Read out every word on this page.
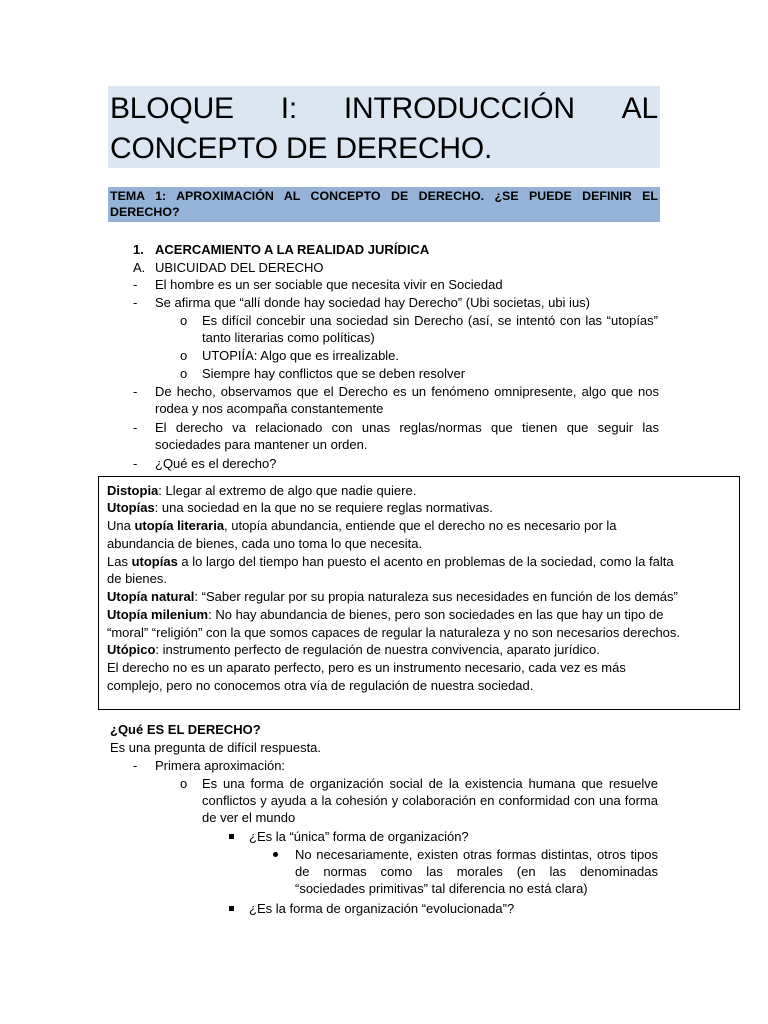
BLOQUE I: INTRODUCCIÓN AL
CONCEPTO DE DERECHO.
TEMA 1: APROXIMACIÓN AL CONCEPTO DE DERECHO. ¿SE PUEDE DEFINIR EL DERECHO?
1. ACERCAMIENTO A LA REALIDAD JURÍDICA
A. UBICUIDAD DEL DERECHO
- El hombre es un ser sociable que necesita vivir en Sociedad
- Se afirma que “allí donde hay sociedad hay Derecho” (Ubi societas, ubi ius)
o Es difícil concebir una sociedad sin Derecho (así, se intentó con las “utopías” tanto literarias como políticas)
o UTOPIÍA: Algo que es irrealizable.
o Siempre hay conflictos que se deben resolver
- De hecho, observamos que el Derecho es un fenómeno omnipresente, algo que nos rodea y nos acompaña constantemente
- El derecho va relacionado con unas reglas/normas que tienen que seguir las sociedades para mantener un orden.
- ¿Qué es el derecho?
Distopia: Llegar al extremo de algo que nadie quiere.
Utopías: una sociedad en la que no se requiere reglas normativas.
Una utopía literaria, utopía abundancia, entiende que el derecho no es necesario por la
abundancia de bienes, cada uno toma lo que necesita.
Las utopías a lo largo del tiempo han puesto el acento en problemas de la sociedad, como la falta
de bienes.
Utopía natural: “Saber regular por su propia naturaleza sus necesidades en función de los demás”
Utopía milenium: No hay abundancia de bienes, pero son sociedades en las que hay un tipo de
“moral” “religión” con la que somos capaces de regular la naturaleza y no son necesarios derechos.
Utópico: instrumento perfecto de regulación de nuestra convivencia, aparato jurídico.
El derecho no es un aparato perfecto, pero es un instrumento necesario, cada vez es más
complejo, pero no conocemos otra vía de regulación de nuestra sociedad.
¿Qué ES EL DERECHO?
Es una pregunta de difícil respuesta.
- Primera aproximación:
o Es una forma de organización social de la existencia humana que resuelve conflictos y ayuda a la cohesión y colaboración en conformidad con una forma de ver el mundo
¿Es la “única” forma de organización?
No necesariamente, existen otras formas distintas, otros tipos de normas como las morales (en las denominadas “sociedades primitivas” tal diferencia no está clara)
¿Es la forma de organización “evolucionada”?
